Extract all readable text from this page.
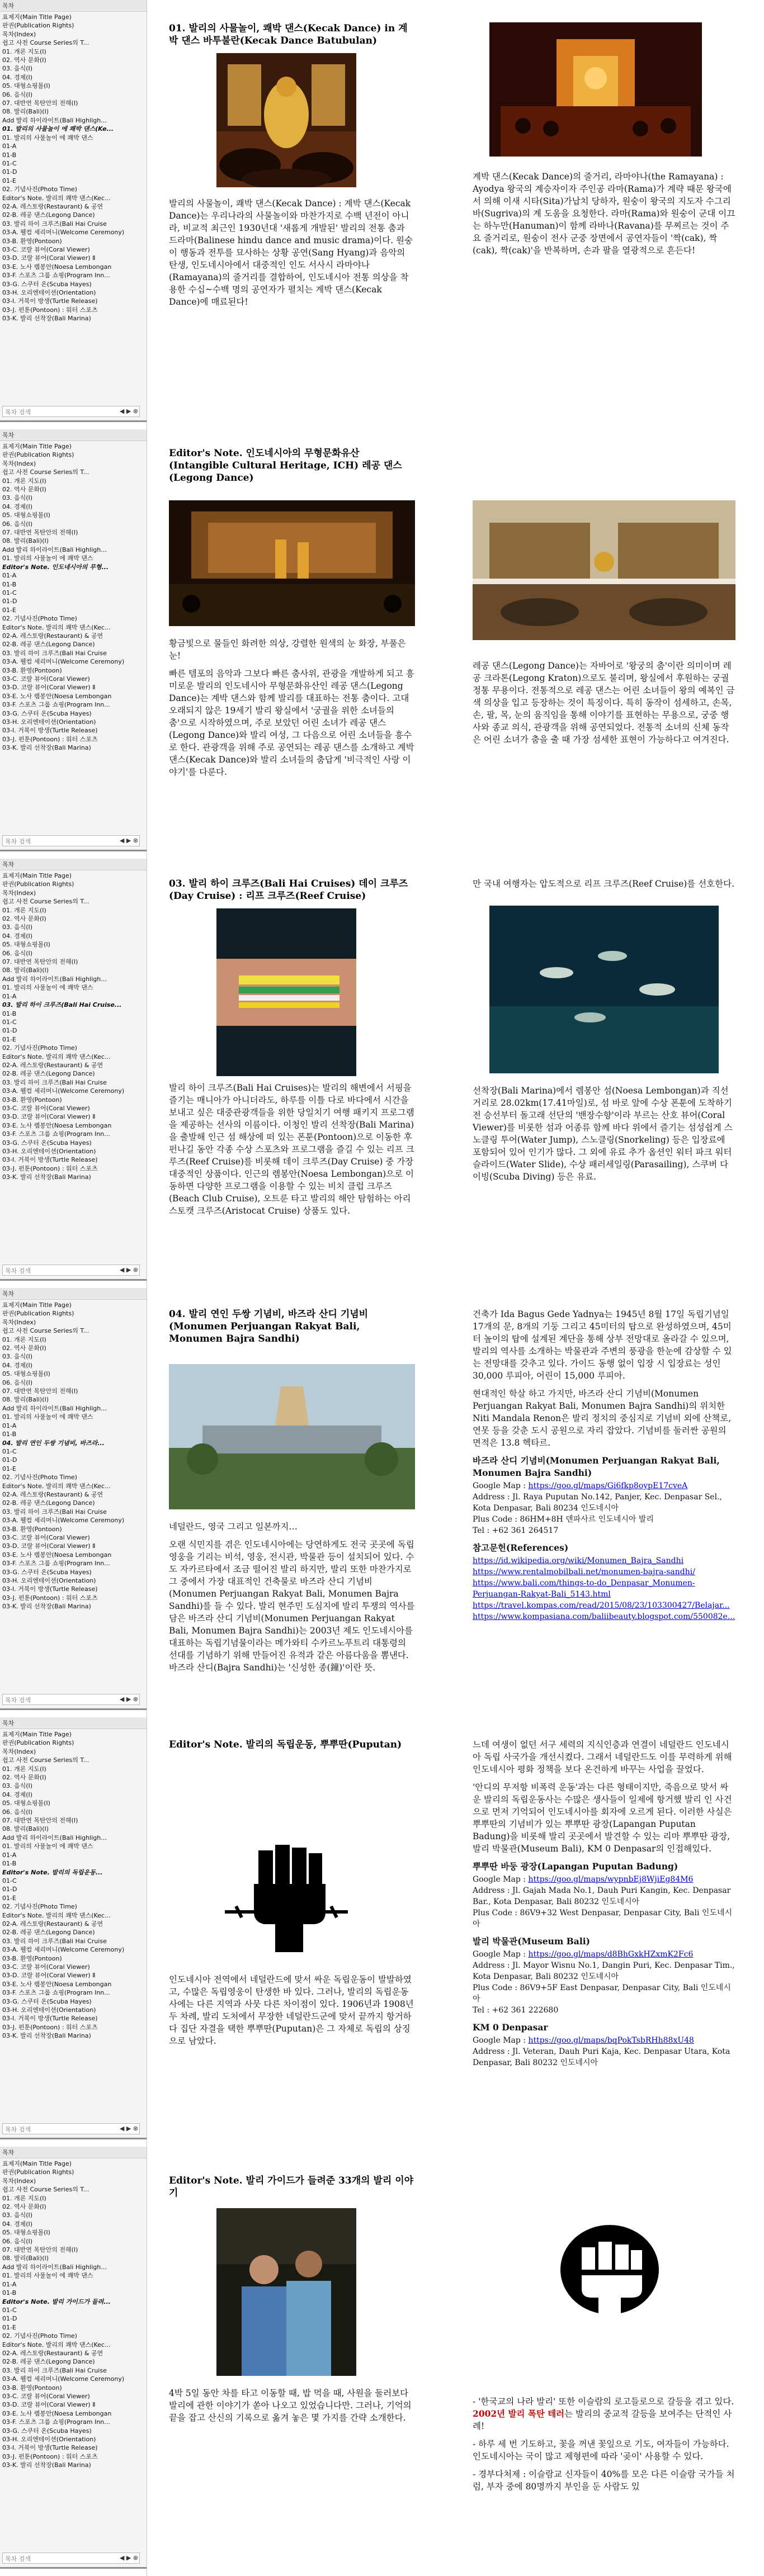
목차
표제지(Main Title Page)
판권(Publication Rights)
목차(Index)
쉽고 사전 Course Series의 T...
01. 개론 지도(Ⅰ)
02. 역사 문화(Ⅰ)
03. 음식(Ⅰ)
04. 경제(Ⅰ)
05. 대형쇼핑몰(Ⅰ)
06. 음식(Ⅰ)
07. 대반연 목탄안의 전해(Ⅰ)
08. 발리(Bali)(Ⅰ)
Add 발리 하이라이트(Bali Highligh...
01. 발리의 사물놀이 에 쾌박 댄스(Ke...
01. 발리의 사물놀이 에 쾌박 댄스
01-A
01-B
01-C
01-D
01-E
02. 기념사진(Photo Time)
Editor's Note. 발리의 쾌박 댄스(Kec...
02-A. 레스토랑(Restaurant) & 공연
02-B. 레공 댄스(Legong Dance)
03. 발리 하이 크루즈(Bali Hai Cruise
03-A. 웰컴 세리머니(Welcome Ceremony)
03-B. 환영(Pontoon)
03-C. 코랄 뷰어(Coral Viewer)
03-D. 코랄 뷰어(Coral Viewer) Ⅱ
03-E. 노사 렘봉안(Noesa Lembongan
03-F. 스포츠 그룹 쇼핑(Program Inn...
03-G. 스쿠터 온(Scuba Hayes)
03-H. 오리엔테이션(Orientation)
03-I. 거북이 방생(Turtle Release)
03-J. 펀툰(Pontoon) : 워터 스포츠
03-K. 발리 선착장(Bali Marina)
목차 검색	◀ ▶ ⊗
목차
표제지(Main Title Page)
판권(Publication Rights)
목차(Index)
쉽고 사전 Course Series의 T...
01. 개론 지도(Ⅰ)
02. 역사 문화(Ⅰ)
03. 음식(Ⅰ)
04. 경제(Ⅰ)
05. 대형쇼핑몰(Ⅰ)
06. 음식(Ⅰ)
07. 대반연 목탄안의 전해(Ⅰ)
08. 발리(Bali)(Ⅰ)
Add 발리 하이라이트(Bali Highligh...
01. 발리의 사물놀이 에 쾌박 댄스
Editor's Note. 인도네시아의 무형...
01-A
01-B
01-C
01-D
01-E
02. 기념사진(Photo Time)
Editor's Note. 발리의 쾌박 댄스(Kec...
02-A. 레스토랑(Restaurant) & 공연
02-B. 레공 댄스(Legong Dance)
03. 발리 하이 크루즈(Bali Hai Cruise
03-A. 웰컴 세리머니(Welcome Ceremony)
03-B. 환영(Pontoon)
03-C. 코랄 뷰어(Coral Viewer)
03-D. 코랄 뷰어(Coral Viewer) Ⅱ
03-E. 노사 렘봉안(Noesa Lembongan
03-F. 스포츠 그룹 쇼핑(Program Inn...
03-G. 스쿠터 온(Scuba Hayes)
03-H. 오리엔테이션(Orientation)
03-I. 거북이 방생(Turtle Release)
03-J. 펀툰(Pontoon) : 워터 스포츠
03-K. 발리 선착장(Bali Marina)
목차 검색	◀ ▶ ⊗
목차
표제지(Main Title Page)
판권(Publication Rights)
목차(Index)
쉽고 사전 Course Series의 T...
01. 개론 지도(Ⅰ)
02. 역사 문화(Ⅰ)
03. 음식(Ⅰ)
04. 경제(Ⅰ)
05. 대형쇼핑몰(Ⅰ)
06. 음식(Ⅰ)
07. 대반연 목탄안의 전해(Ⅰ)
08. 발리(Bali)(Ⅰ)
Add 발리 하이라이트(Bali Highligh...
01. 발리의 사물놀이 에 쾌박 댄스
01-A
03. 발리 하이 크루즈(Bali Hai Cruise...
01-B
01-C
01-D
01-E
02. 기념사진(Photo Time)
Editor's Note. 발리의 쾌박 댄스(Kec...
02-A. 레스토랑(Restaurant) & 공연
02-B. 레공 댄스(Legong Dance)
03. 발리 하이 크루즈(Bali Hai Cruise
03-A. 웰컴 세리머니(Welcome Ceremony)
03-B. 환영(Pontoon)
03-C. 코랄 뷰어(Coral Viewer)
03-D. 코랄 뷰어(Coral Viewer) Ⅱ
03-E. 노사 렘봉안(Noesa Lembongan
03-F. 스포츠 그룹 쇼핑(Program Inn...
03-G. 스쿠터 온(Scuba Hayes)
03-H. 오리엔테이션(Orientation)
03-I. 거북이 방생(Turtle Release)
03-J. 펀툰(Pontoon) : 워터 스포츠
03-K. 발리 선착장(Bali Marina)
목차 검색	◀ ▶ ⊗
목차
표제지(Main Title Page)
판권(Publication Rights)
목차(Index)
쉽고 사전 Course Series의 T...
01. 개론 지도(Ⅰ)
02. 역사 문화(Ⅰ)
03. 음식(Ⅰ)
04. 경제(Ⅰ)
05. 대형쇼핑몰(Ⅰ)
06. 음식(Ⅰ)
07. 대반연 목탄안의 전해(Ⅰ)
08. 발리(Bali)(Ⅰ)
Add 발리 하이라이트(Bali Highligh...
01. 발리의 사물놀이 에 쾌박 댄스
01-A
01-B
04. 발리 연인 두쌍 기념비, 바즈라...
01-C
01-D
01-E
02. 기념사진(Photo Time)
Editor's Note. 발리의 쾌박 댄스(Kec...
02-A. 레스토랑(Restaurant) & 공연
02-B. 레공 댄스(Legong Dance)
03. 발리 하이 크루즈(Bali Hai Cruise
03-A. 웰컴 세리머니(Welcome Ceremony)
03-B. 환영(Pontoon)
03-C. 코랄 뷰어(Coral Viewer)
03-D. 코랄 뷰어(Coral Viewer) Ⅱ
03-E. 노사 렘봉안(Noesa Lembongan
03-F. 스포츠 그룹 쇼핑(Program Inn...
03-G. 스쿠터 온(Scuba Hayes)
03-H. 오리엔테이션(Orientation)
03-I. 거북이 방생(Turtle Release)
03-J. 펀툰(Pontoon) : 워터 스포츠
03-K. 발리 선착장(Bali Marina)
목차 검색	◀ ▶ ⊗
목차
표제지(Main Title Page)
판권(Publication Rights)
목차(Index)
쉽고 사전 Course Series의 T...
01. 개론 지도(Ⅰ)
02. 역사 문화(Ⅰ)
03. 음식(Ⅰ)
04. 경제(Ⅰ)
05. 대형쇼핑몰(Ⅰ)
06. 음식(Ⅰ)
07. 대반연 목탄안의 전해(Ⅰ)
08. 발리(Bali)(Ⅰ)
Add 발리 하이라이트(Bali Highligh...
01. 발리의 사물놀이 에 쾌박 댄스
01-A
01-B
Editor's Note. 발리의 독립운동...
01-C
01-D
01-E
02. 기념사진(Photo Time)
Editor's Note. 발리의 쾌박 댄스(Kec...
02-A. 레스토랑(Restaurant) & 공연
02-B. 레공 댄스(Legong Dance)
03. 발리 하이 크루즈(Bali Hai Cruise
03-A. 웰컴 세리머니(Welcome Ceremony)
03-B. 환영(Pontoon)
03-C. 코랄 뷰어(Coral Viewer)
03-D. 코랄 뷰어(Coral Viewer) Ⅱ
03-E. 노사 렘봉안(Noesa Lembongan
03-F. 스포츠 그룹 쇼핑(Program Inn...
03-G. 스쿠터 온(Scuba Hayes)
03-H. 오리엔테이션(Orientation)
03-I. 거북이 방생(Turtle Release)
03-J. 펀툰(Pontoon) : 워터 스포츠
03-K. 발리 선착장(Bali Marina)
목차 검색	◀ ▶ ⊗
목차
표제지(Main Title Page)
판권(Publication Rights)
목차(Index)
쉽고 사전 Course Series의 T...
01. 개론 지도(Ⅰ)
02. 역사 문화(Ⅰ)
03. 음식(Ⅰ)
04. 경제(Ⅰ)
05. 대형쇼핑몰(Ⅰ)
06. 음식(Ⅰ)
07. 대반연 목탄안의 전해(Ⅰ)
08. 발리(Bali)(Ⅰ)
Add 발리 하이라이트(Bali Highligh...
01. 발리의 사물놀이 에 쾌박 댄스
01-A
01-B
Editor's Note. 발리 가이드가 들려...
01-C
01-D
01-E
02. 기념사진(Photo Time)
Editor's Note. 발리의 쾌박 댄스(Kec...
02-A. 레스토랑(Restaurant) & 공연
02-B. 레공 댄스(Legong Dance)
03. 발리 하이 크루즈(Bali Hai Cruise
03-A. 웰컴 세리머니(Welcome Ceremony)
03-B. 환영(Pontoon)
03-C. 코랄 뷰어(Coral Viewer)
03-D. 코랄 뷰어(Coral Viewer) Ⅱ
03-E. 노사 렘봉안(Noesa Lembongan
03-F. 스포츠 그룹 쇼핑(Program Inn...
03-G. 스쿠터 온(Scuba Hayes)
03-H. 오리엔테이션(Orientation)
03-I. 거북이 방생(Turtle Release)
03-J. 펀툰(Pontoon) : 워터 스포츠
03-K. 발리 선착장(Bali Marina)
목차 검색	◀ ▶ ⊗
01. 발리의 사물놀이, 쾌박 댄스(Kecak Dance) in 계박 댄스 바투불란(Kecak Dance Batubulan)

발리의 사물놀이, 쾌박 댄스(Kecak Dance) : 계박 댄스(Kecak Dance)는 우리나라의 사물놀이와 마찬가지로 수백 년전이 아니라, 비교적 최근인 1930년대 '새롭게 개발된' 발리의 전통 춤과 드라마(Balinese hindu dance and music drama)이다. 원숭이 행동과 전투를 묘사하는 상황 공연(Sang Hyang)과 음악의 탄생, 인도네시아에서 대중적인 인도 서사시 라마야나(Ramayana)의 줄거리를 결합하여, 인도네시아 전통 의상을 착용한 수십~수백 명의 공연자가 펼치는 계박 댄스(Kecak Dance)에 매료된다!

계박 댄스(Kecak Dance)의 줄거리, 라마야나(the Ramayana) : Ayodya 왕국의 계승자이자 주인공 라마(Rama)가 계략 때문 왕국에서 의해 이새 시타(Sita)가납치 당하자, 원숭이 왕국의 지도자 수그리바(Sugriva)의 계 도움을 요청한다. 라마(Rama)와 원숭이 군대 이끄는 하누만(Hanuman)이 함께 라바나(Ravana)를 무찌르는 것이 주요 줄거리로, 원숭이 전사 군중 장면에서 공연자들이 '짝(cak), 짝(cak), 짝(cak)'을 반복하며, 손과 팔을 열광적으로 흔든다!

Editor's Note. 인도네시아의 무형문화유산(Intangible Cultural Heritage, ICH) 레공 댄스(Legong Dance)

황금빛으로 물들인 화려한 의상, 강렬한 원색의 눈 화장, 부풀은 눈!

빠른 템포의 음악과 그보다 빠른 춤사위, 관광을 개발하게 되고 흥미로운 발리의 인도네시아 무형문화유산인 레공 댄스(Legong Dance)는 계박 댄스와 함께 발리를 대표하는 전통 춤이다. 고대 오래되지 않은 19세기 발리 왕실에서 '궁궐을 위한 소녀들의 춤'으로 시작하였으며, 주로 보았던 어린 소녀가 레공 댄스(Legong Dance)와 발리 여성, 그 다음으로 어린 소녀들을 흥수로 한다. 관광객을 위해 주로 공연되는 레공 댄스를 소개하고 계박 댄스(Kecak Dance)와 발리 소녀들의 춤답게 '비극적인 사랑 이야기'를 다룬다.

레공 댄스(Legong Dance)는 자바어로 '왕궁의 춤'이란 의미이며 레공 크라톤(Legong Kraton)으로도 불리며, 왕실에서 후원하는 궁궐 정통 무용이다. 전통적으로 레공 댄스는 어린 소녀들이 왕의 예복인 금색 의상을 입고 등장하는 것이 특징이다. 특히 동작이 섬세하고, 손목, 손, 팔, 목, 눈의 움직임을 통해 이야기를 표현하는 무용으로, 궁중 행사와 종교 의식, 관광객을 위해 공연되었다. 전통적 소녀의 신체 동작은 어린 소녀가 춤을 출 때 가장 섬세한 표현이 가능하다고 여겨진다.

03. 발리 하이 크루즈(Bali Hai Cruises) 데이 크루즈(Day Cruise) : 리프 크루즈(Reef Cruise)

발리 하이 크루즈(Bali Hai Cruises)는 발리의 해변에서 서핑을 즐기는 매니아가 아니더라도, 하루를 이틀 다로 바다에서 시간을 보내고 싶은 대중관광객들을 위한 당일치기 여행 패키지 프로그램을 제공하는 선사의 이름이다. 이청인 발리 선착장(Bali Marina)을 출발해 인근 섬 해상에 떠 있는 폰툰(Pontoon)으로 이동한 후 펀나길 동안 각종 수상 스포츠와 프로그램을 즐길 수 있는 리프 크루즈(Reef Cruise)를 비롯해 데이 크루즈(Day Cruise) 중 가장 대중적인 상품이다. 인근의 렘봉안(Noesa Lembongan)으로 이동하면 다양한 프로그램을 이용할 수 있는 비치 클럽 크루즈(Beach Club Cruise), 오트룬 타고 발리의 해안 탐험하는 아리스토캣 크루즈(Aristocat Cruise) 상품도 있다.

만 국내 여행자는 압도적으로 리프 크루즈(Reef Cruise)를 선호한다.

선착장(Bali Marina)에서 렘봉안 섬(Noesa Lembongan)과 직선 거리로 28.02km(17.41마일)로, 섬 바로 앞에 수상 폰툰에 도착하기 전 승선부터 돌고래 선단의 '밴장수향'이라 부르는 산호 뷰어(Coral Viewer)를 비롯한 섬과 어종류 함께 바다 위에서 즐기는 섬성쉽게 스노클링 투어(Water Jump), 스노클링(Snorkeling) 등은 입장료에 포함되어 있어 인기가 많다. 그 외에 유료 추가 옵션인 워터 파크 워터 슬라이드(Water Slide), 수상 패러세일링(Parasailing), 스쿠버 다이빙(Scuba Diving) 등은 유료.

04. 발리 연인 두쌍 기념비, 바즈라 산디 기념비(Monumen Perjuangan Rakyat Bali, Monumen Bajra Sandhi)

네덜란드, 영국 그리고 일본까지…

오랜 식민지를 겪은 인도네시아에는 당연하게도 전국 곳곳에 독립영웅을 기리는 비석, 영웅, 전시관, 박물관 등이 설치되어 있다. 수도 자카르타에서 조금 떨어진 발리 하지만, 발리 또한 마찬가지로 그 중에서 가장 대표적인 건축물로 바즈라 산디 기념비(Monumen Perjuangan Rakyat Bali, Monumen Bajra Sandhi)를 들 수 있다. 발리 현주민 도심지에 발리 투쟁의 역사를 담은 바즈라 산디 기념비(Monumen Perjuangan Rakyat Bali, Monumen Bajra Sandhi)는 2003년 제도 인도네시아를 대표하는 독립기념물이라는 메가와티 수카르노푸트리 대통령의 선대를 기념하기 위해 만들어진 유적과 같은 아름다움을 뽐낸다. 바즈라 산디(Bajra Sandhi)는 '신성한 종(鐘)'이란 뜻.

건축가 Ida Bagus Gede Yadnya는 1945년 8월 17일 독립기념일 17개의 문, 8개의 기둥 그리고 45미터의 탑으로 완성하였으며, 45미터 높이의 탑에 설계된 계단을 통해 상부 전망대로 올라갈 수 있으며, 발리의 역사를 소개하는 박물관과 주변의 풍광을 한눈에 감상할 수 있는 전망대를 갖추고 있다. 가이드 동행 없이 입장 시 입장료는 성인 30,000 루피아, 어린이 15,000 루피아.

현대적인 학살 하고 가지만, 바즈라 산디 기념비(Monumen Perjuangan Rakyat Bali, Monumen Bajra Sandhi)의 위치한 Niti Mandala Renon은 발리 정치의 중심지로 기념비 외에 산책로, 연못 등을 갖춘 도시 공원으로 자리 잡았다. 기념비를 둘러싼 공원의 면적은 13.8 헥타르.

바즈라 산디 기념비(Monumen Perjuangan Rakyat Bali, Monumen Bajra Sandhi)

Google Map : https://goo.gl/maps/Gi6fkp8oypE17cveA

Address : Jl. Raya Puputan No.142, Panjer, Kec. Denpasar Sel., Kota Denpasar, Bali 80234 인도네시아

Plus Code : 86HM+8H 덴파사르 인도네시아 발리

Tel : +62 361 264517

참고문헌(References)

https://id.wikipedia.org/wiki/Monumen_Bajra_Sandhi

https://www.rentalmobilbali.net/monumen-bajra-sandhi/

https://www.bali.com/things-to-do_Denpasar_Monumen-Perjuangan-Rakyat-Bali_5143.html

https://travel.kompas.com/read/2015/08/23/103300427/Belajar...

https://www.kompasiana.com/baliibeauty.blogspot.com/550082e...

Editor's Note. 발리의 독립운동, 뿌뿌딴(Puputan)

인도네시아 전역에서 네덜란드에 맞서 싸운 독립운동이 발발하였고, 수많은 독립영웅이 탄생한 바 있다. 그러나, 발리의 독립운동사에는 다른 지역과 사뭇 다른 차이점이 있다. 1906년과 1908년 두 차례, 발리 도처에서 무장한 네덜란드군에 맞서 끝까지 항거하다 집단 자결을 택한 뿌뿌딴(Puputan)은 그 자체로 독립의 상징으로 남았다.

느데 여생이 없던 서구 세력의 지식인층과 연결이 네덜란드 인도네시아 독립 사국가을 개선시켰다. 그래서 네덜란드도 이를 무력하게 위해 인도네시아 평화 정책을 보다 온건하게 바꾸는 사업을 끌었다.

'안디의 무저항 비폭력 운동'과는 다른 형태이지만, 죽음으로 맞서 싸운 발리의 독립운동사는 수많은 생사들이 일제에 항거했 발리 인 사건으로 먼저 기억되어 인도네시아를 회자에 오르게 된다. 이러한 사실은 뿌뿌딴의 기념비가 있는 뿌뿌딴 광장(Lapangan Puputan Badung)을 비롯해 발리 곳곳에서 발견할 수 있는 리마 뿌뿌딴 광장, 발리 박물관(Museum Bali), KM 0 Denpasar의 인접해있다.

뿌뿌딴 바둥 광장(Lapangan Puputan Badung)

Google Map : https://goo.gl/maps/wypnbEj8WjiEg84M6

Address : Jl. Gajah Mada No.1, Dauh Puri Kangin, Kec. Denpasar Bar., Kota Denpasar, Bali 80232 인도네시아

Plus Code : 86V9+32 West Denpasar, Denpasar City, Bali 인도네시아

발리 박물관(Museum Bali)

Google Map : https://goo.gl/maps/d8BhGxkHZxmK2Fc6

Address : Jl. Mayor Wisnu No.1, Dangin Puri, Kec. Denpasar Tim., Kota Denpasar, Bali 80232 인도네시아

Plus Code : 86V9+5F East Denpasar, Denpasar City, Bali 인도네시아

Tel : +62 361 222680

KM 0 Denpasar

Google Map : https://goo.gl/maps/bqPokTsbRHh88xU48

Address : Jl. Veteran, Dauh Puri Kaja, Kec. Denpasar Utara, Kota Denpasar, Bali 80232 인도네시아

Editor's Note. 발리 가이드가 들려준 33개의 발리 이야기

4박 5일 동안 차를 타고 이동할 때, 밥 먹을 때, 사원을 둘러보다 발리에 관한 이야기가 쏟아 나오고 있었습니다만. 그러나, 기억의 끝을 잡고 산신의 기록으로 옮겨 놓은 몇 가지를 간략 소개한다.

- '한국교의 나라 발리' 또한 이슬람의 로고들로으로 갈등을 겪고 있다. 2002년 발리 폭탄 테러는 발리의 중교적 갈등을 보여주는 단적인 사례!

- 하루 세 번 기도하고, 꽃을 꺼낸 꽃잎으로 기도, 여자들이 가능하다. 인도네시아는 국이 많고 제형편에 따라 '곶이' 사용할 수 있다.

- 경부다처제 : 이슬람교 신자들이 40%를 모은 다른 이슬람 국가들 처럼, 부자 중에 80명까지 부인을 둔 사람도 있
